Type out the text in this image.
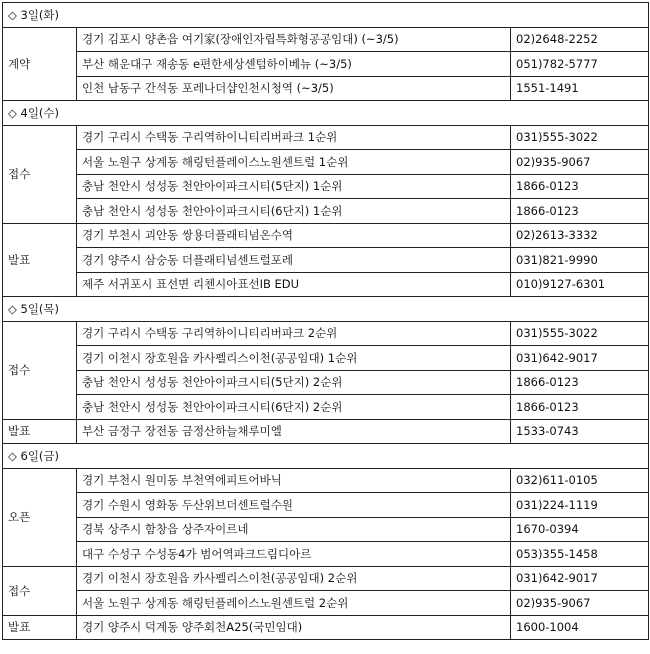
◇ 3일(화)		
계약	경기 김포시 양촌읍 여기家(장애인자립특화형공공임대) (~3/5)	02)2648-2252
	부산 해운대구 재송동 e편한세상센텀하이베뉴 (~3/5)	051)782-5777
	인천 남동구 간석동 포레나더샵인천시청역 (~3/5)	1551-1491
◇ 4일(수)		
접수	경기 구리시 수택동 구리역하이니티리버파크 1순위	031)555-3022
	서울 노원구 상계동 해링턴플레이스노원센트럴 1순위	02)935-9067
	충남 천안시 성성동 천안아이파크시티(5단지) 1순위	1866-0123
	충남 천안시 성성동 천안아이파크시티(6단지) 1순위	1866-0123
발표	경기 부천시 괴안동 쌍용더플래티넘온수역	02)2613-3332
	경기 양주시 삼숭동 더플래티넘센트럴포레	031)821-9990
	제주 서귀포시 표선면 리첸시아표선IB EDU	010)9127-6301
◇ 5일(목)		
접수	경기 구리시 수택동 구리역하이니티리버파크 2순위	031)555-3022
	경기 이천시 장호원읍 카사펠리스이천(공공임대) 1순위	031)642-9017
	충남 천안시 성성동 천안아이파크시티(5단지) 2순위	1866-0123
	충남 천안시 성성동 천안아이파크시티(6단지) 2순위	1866-0123
발표	부산 금정구 장전동 금정산하늘채루미엘	1533-0743
◇ 6일(금)		
오픈	경기 부천시 원미동 부천역에피트어바닉	032)611-0105
	경기 수원시 영화동 두산위브더센트럴수원	031)224-1119
	경북 상주시 함창읍 상주자이르네	1670-0394
	대구 수성구 수성동4가 범어역파크드림디아르	053)355-1458
접수	경기 이천시 장호원읍 카사펠리스이천(공공임대) 2순위	031)642-9017
	서울 노원구 상계동 해링턴플레이스노원센트럴 2순위	02)935-9067
발표	경기 양주시 덕계동 양주회천A25(국민임대)	1600-1004
